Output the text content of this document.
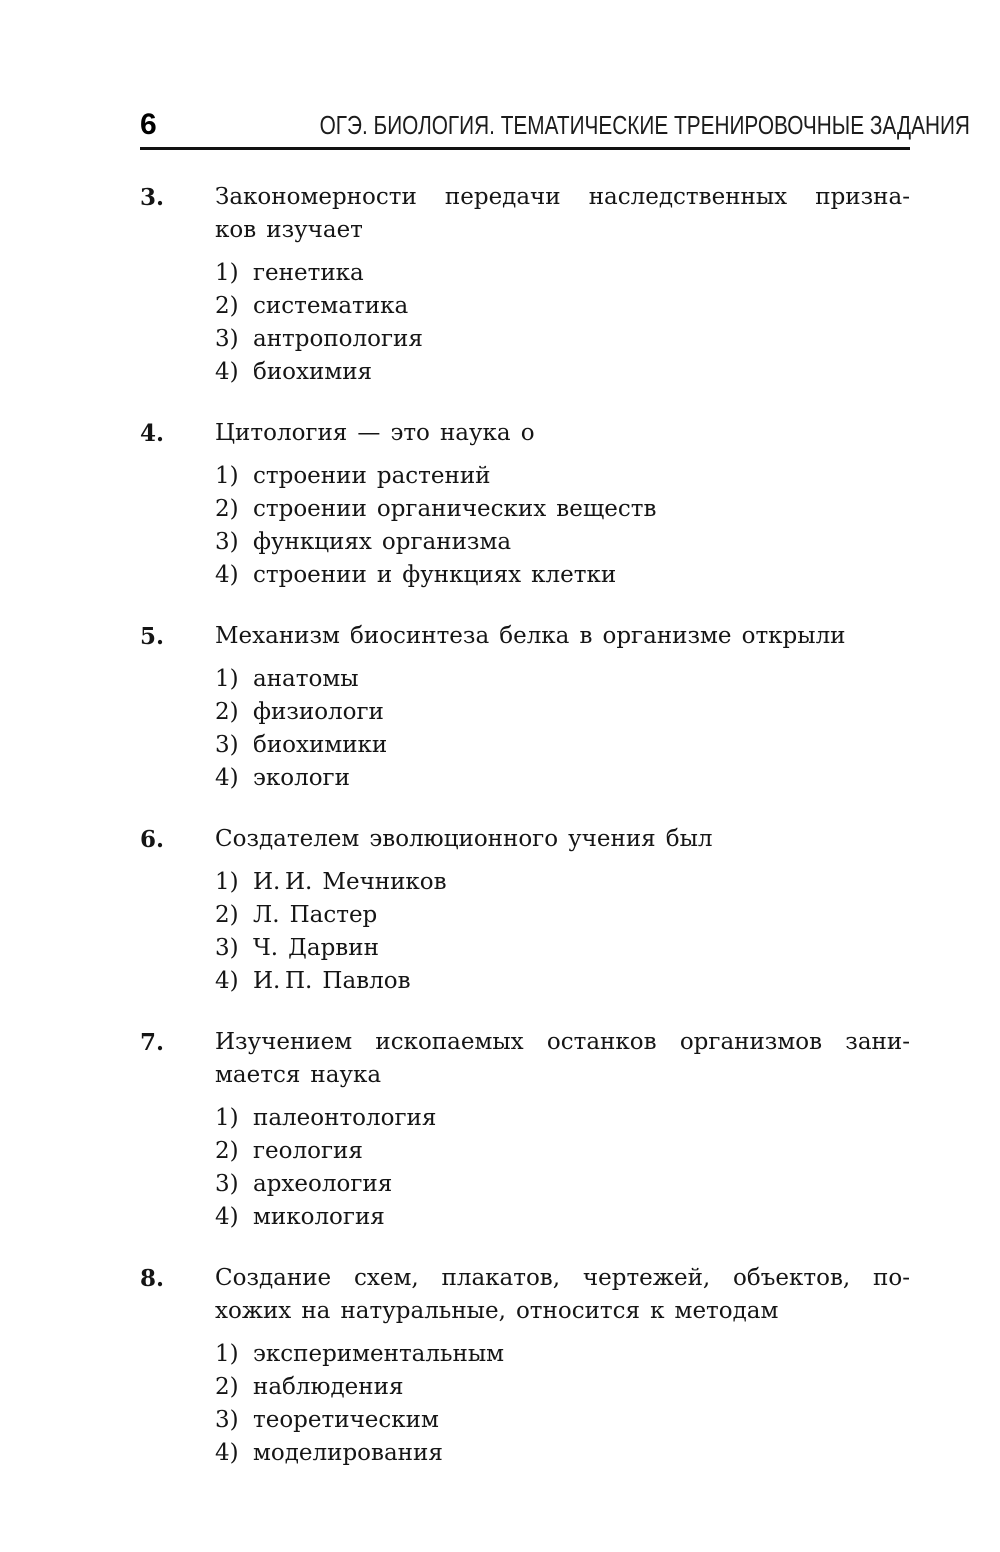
6	ОГЭ. БИОЛОГИЯ. ТЕМАТИЧЕСКИЕ ТРЕНИРОВОЧНЫЕ ЗАДАНИЯ
3.	Закономерности передачи наследственных призна-
ков изучает
1) генетика
2) систематика
3) антропология
4) биохимия
4.	Цитология — это наука о
1) строении растений
2) строении органических веществ
3) функциях организма
4) строении и функциях клетки
5.	Механизм биосинтеза белка в организме открыли
1) анатомы
2) физиологи
3) биохимики
4) экологи
6.	Создателем эволюционного учения был
1) И. И. Мечников
2) Л. Пастер
3) Ч. Дарвин
4) И. П. Павлов
7.	Изучением ископаемых останков организмов зани-
мается наука
1) палеонтология
2) геология
3) археология
4) микология
8.	Создание схем, плакатов, чертежей, объектов, по-
хожих на натуральные, относится к методам
1) экспериментальным
2) наблюдения
3) теоретическим
4) моделирования
